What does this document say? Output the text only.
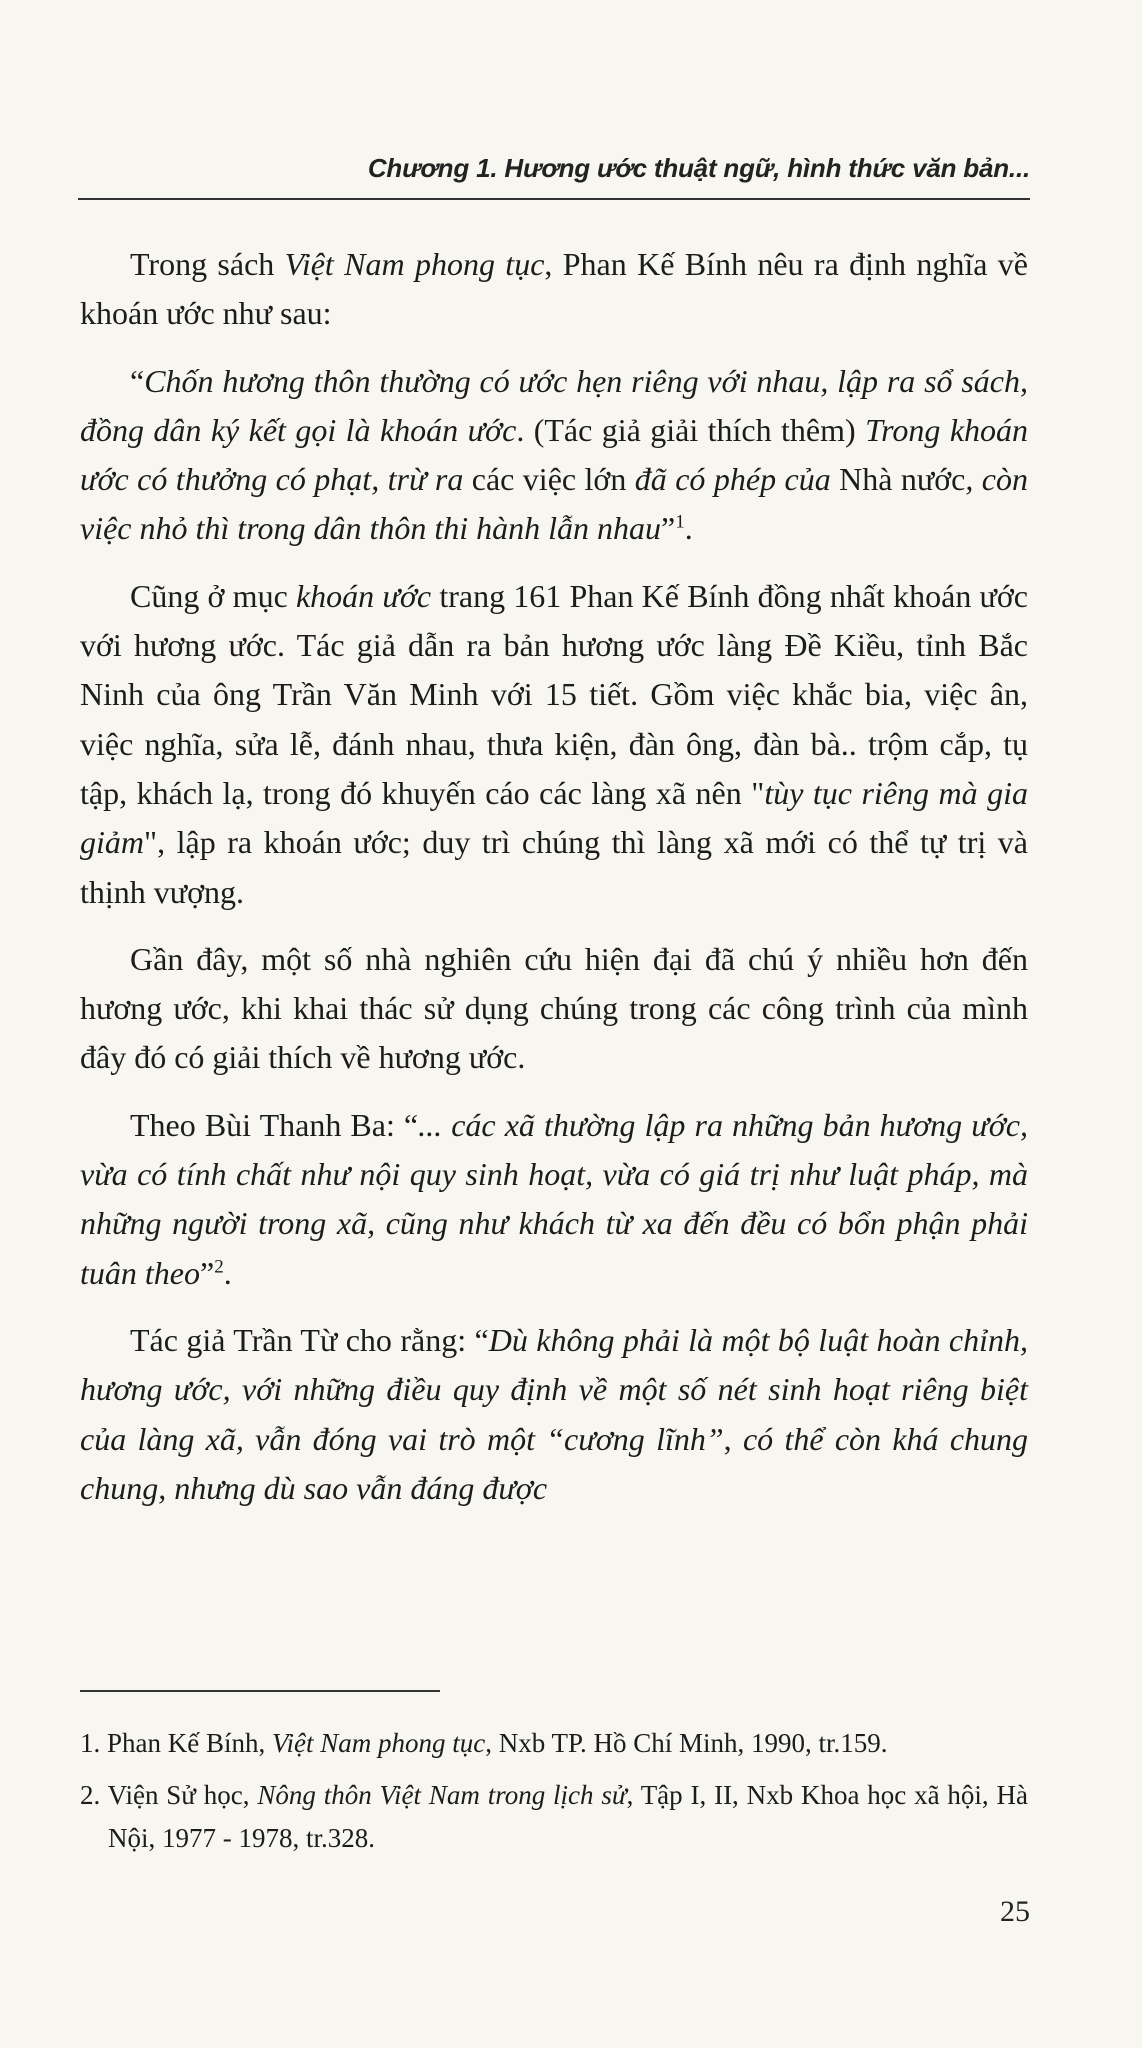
Chương 1. Hương ước thuật ngữ, hình thức văn bản...

Trong sách Việt Nam phong tục, Phan Kế Bính nêu ra định nghĩa về khoán ước như sau:

“Chốn hương thôn thường có ước hẹn riêng với nhau, lập ra sổ sách, đồng dân ký kết gọi là khoán ước. (Tác giả giải thích thêm) Trong khoán ước có thưởng có phạt, trừ ra các việc lớn đã có phép của Nhà nước, còn việc nhỏ thì trong dân thôn thi hành lẫn nhau”$^1$.

Cũng ở mục khoán ước trang 161 Phan Kế Bính đồng nhất khoán ước với hương ước. Tác giả dẫn ra bản hương ước làng Đề Kiều, tỉnh Bắc Ninh của ông Trần Văn Minh với 15 tiết. Gồm việc khắc bia, việc ân, việc nghĩa, sửa lễ, đánh nhau, thưa kiện, đàn ông, đàn bà.. trộm cắp, tụ tập, khách lạ, trong đó khuyến cáo các làng xã nên "tùy tục riêng mà gia giảm", lập ra khoán ước; duy trì chúng thì làng xã mới có thể tự trị và thịnh vượng.

Gần đây, một số nhà nghiên cứu hiện đại đã chú ý nhiều hơn đến hương ước, khi khai thác sử dụng chúng trong các công trình của mình đây đó có giải thích về hương ước.

Theo Bùi Thanh Ba: “... các xã thường lập ra những bản hương ước, vừa có tính chất như nội quy sinh hoạt, vừa có giá trị như luật pháp, mà những người trong xã, cũng như khách từ xa đến đều có bổn phận phải tuân theo”$^2$.

Tác giả Trần Từ cho rằng: “Dù không phải là một bộ luật hoàn chỉnh, hương ước, với những điều quy định về một số nét sinh hoạt riêng biệt của làng xã, vẫn đóng vai trò một “cương lĩnh”, có thể còn khá chung chung, nhưng dù sao vẫn đáng được

1. Phan Kế Bính, Việt Nam phong tục, Nxb TP. Hồ Chí Minh, 1990, tr.159.
2. Viện Sử học, Nông thôn Việt Nam trong lịch sử, Tập I, II, Nxb Khoa học xã hội, Hà Nội, 1977 - 1978, tr.328.
25
